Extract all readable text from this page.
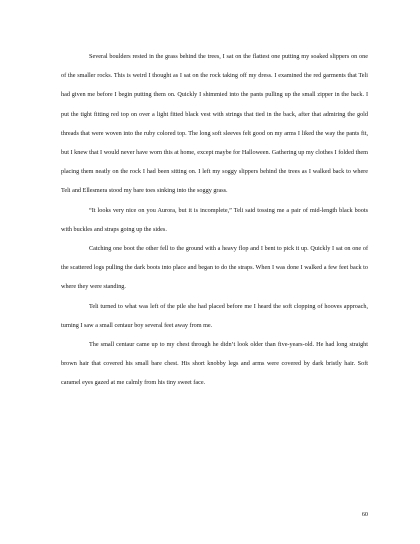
Several boulders rested in the grass behind the trees, I sat on the flattest one putting my soaked slippers on one of the smaller rocks. This is weird I thought as I sat on the rock taking off my dress. I examined the red garments that Teli had given me before I begin putting them on. Quickly I shimmied into the pants pulling up the small zipper in the back. I put the tight fitting red top on over a light fitted black vest with strings that tied in the back, after that admiring the gold threads that were woven into the ruby colored top. The long soft sleeves felt good on my arms I liked the way the pants fit, but I knew that I would never have worn this at home, except maybe for Halloween. Gathering up my clothes I folded them placing them neatly on the rock I had been sitting on. I left my soggy slippers behind the trees as I walked back to where Teli and Ellesmera stood my bare toes sinking into the soggy grass.

“It looks very nice on you Aurora, but it is incomplete,” Teli said tossing me a pair of mid-length black boots with buckles and straps going up the sides.

Catching one boot the other fell to the ground with a heavy flop and I bent to pick it up. Quickly I sat on one of the scattered logs pulling the dark boots into place and began to do the straps. When I was done I walked a few feet back to where they were standing.

Teli turned to what was left of the pile she had placed before me I heard the soft clopping of hooves approach, turning I saw a small centaur boy several feet away from me.

The small centaur came up to my chest through he didn’t look older than five-years-old. He had long straight brown hair that covered his small bare chest. His short knobby legs and arms were covered by dark bristly hair. Soft caramel eyes gazed at me calmly from his tiny sweet face.

60
